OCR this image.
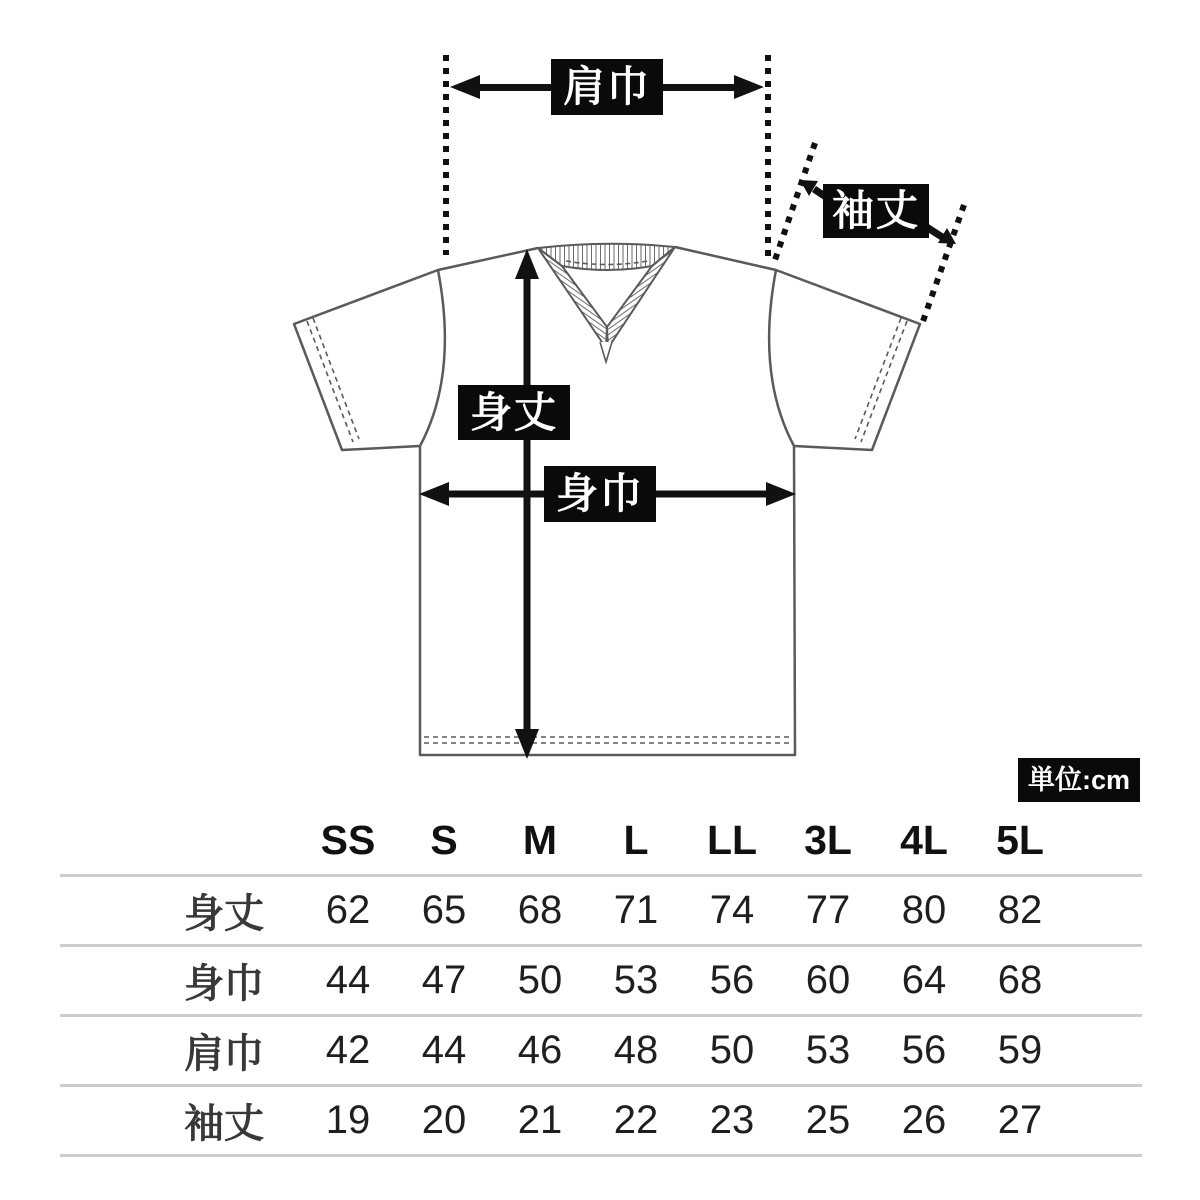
肩巾
袖丈
身丈
身巾
単位:cm
	SS	S	M	L	LL	3L	4L	5L	
身丈	62	65	68	71	74	77	80	82	
身巾	44	47	50	53	56	60	64	68	
肩巾	42	44	46	48	50	53	56	59	
袖丈	19	20	21	22	23	25	26	27	
